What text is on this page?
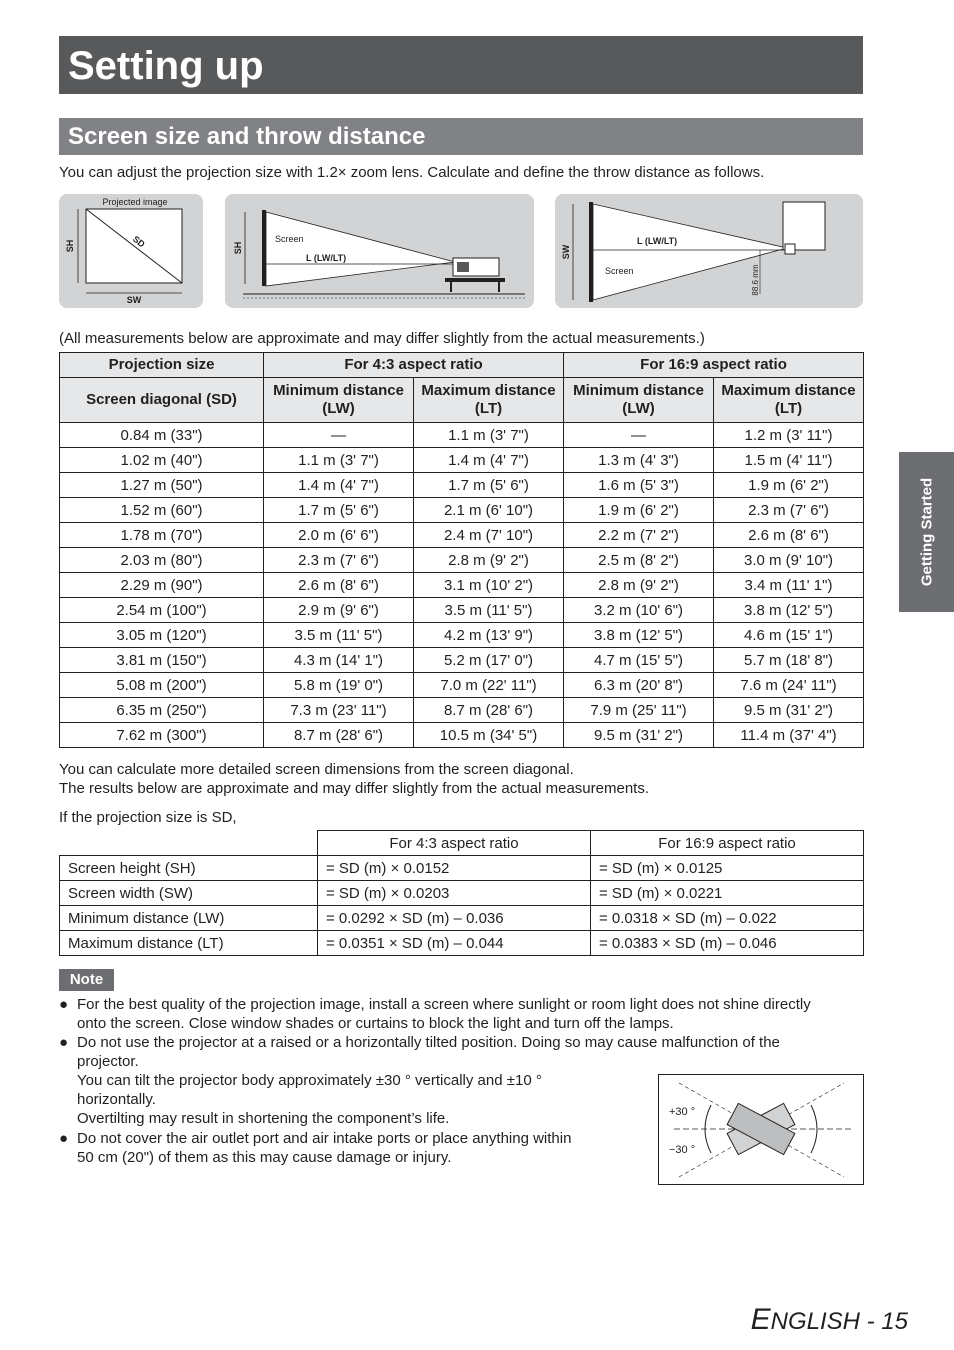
Setting up
Screen size and throw distance
You can adjust the projection size with 1.2× zoom lens. Calculate and define the throw distance as follows.
Projected image
SH	SD
SW
SH
Screen
L (LW/LT)	SW
L (LW/LT)
Screen	88.6 mm
(All measurements below are approximate and may differ slightly from the actual measurements.)
Projection size	For 4:3 aspect ratio		For 16:9 aspect ratio	
Screen diagonal (SD)	Minimum distance (LW)	Maximum distance (LT)	Minimum distance (LW)	Maximum distance (LT)
0.84 m (33")	—	1.1 m (3' 7")	—	1.2 m (3' 11")
1.02 m (40")	1.1 m (3' 7")	1.4 m (4' 7")	1.3 m (4' 3")	1.5 m (4' 11")
1.27 m (50")	1.4 m (4' 7")	1.7 m (5' 6")	1.6 m (5' 3")	1.9 m (6' 2")
1.52 m (60")	1.7 m (5' 6")	2.1 m (6' 10")	1.9 m (6' 2")	2.3 m (7' 6")
1.78 m (70")	2.0 m (6' 6")	2.4 m (7' 10")	2.2 m (7' 2")	2.6 m (8' 6")
2.03 m (80")	2.3 m (7' 6")	2.8 m (9' 2")	2.5 m (8' 2")	3.0 m (9' 10")
2.29 m (90")	2.6 m (8' 6")	3.1 m (10' 2")	2.8 m (9' 2")	3.4 m (11' 1")
2.54 m (100")	2.9 m (9' 6")	3.5 m (11' 5")	3.2 m (10' 6")	3.8 m (12' 5")
3.05 m (120")	3.5 m (11' 5")	4.2 m (13' 9")	3.8 m (12' 5")	4.6 m (15' 1")
3.81 m (150")	4.3 m (14' 1")	5.2 m (17' 0")	4.7 m (15' 5")	5.7 m (18' 8")
5.08 m (200")	5.8 m (19' 0")	7.0 m (22' 11")	6.3 m (20' 8")	7.6 m (24' 11")
6.35 m (250")	7.3 m (23' 11")	8.7 m (28' 6")	7.9 m (25' 11")	9.5 m (31' 2")
7.62 m (300")	8.7 m (28' 6")	10.5 m (34' 5")	9.5 m (31' 2")	11.4 m (37' 4")
You can calculate more detailed screen dimensions from the screen diagonal.
The results below are approximate and may differ slightly from the actual measurements.
If the projection size is SD,
	For 4:3 aspect ratio	For 16:9 aspect ratio
Screen height (SH)	= SD (m) × 0.0152	= SD (m) × 0.0125
Screen width (SW)	= SD (m) × 0.0203	= SD (m) × 0.0221
Minimum distance (LW)	= 0.0292 × SD (m) – 0.036	= 0.0318 × SD (m) – 0.022
Maximum distance (LT)	= 0.0351 × SD (m) – 0.044	= 0.0383 × SD (m) – 0.046
Note
● For the best quality of the projection image, install a screen where sunlight or room light does not shine directly
onto the screen. Close window shades or curtains to block the light and turn off the lamps.
● Do not use the projector at a raised or a horizontally tilted position. Doing so may cause malfunction of the
projector.
You can tilt the projector body approximately ±30 ° vertically and ±10 °
horizontally.
Overtilting may result in shortening the component’s life.
● Do not cover the air outlet port and air intake ports or place anything within
50 cm (20") of them as this may cause damage or injury.
+30 °
−30 °
Getting Started
ENGLISH - 15
